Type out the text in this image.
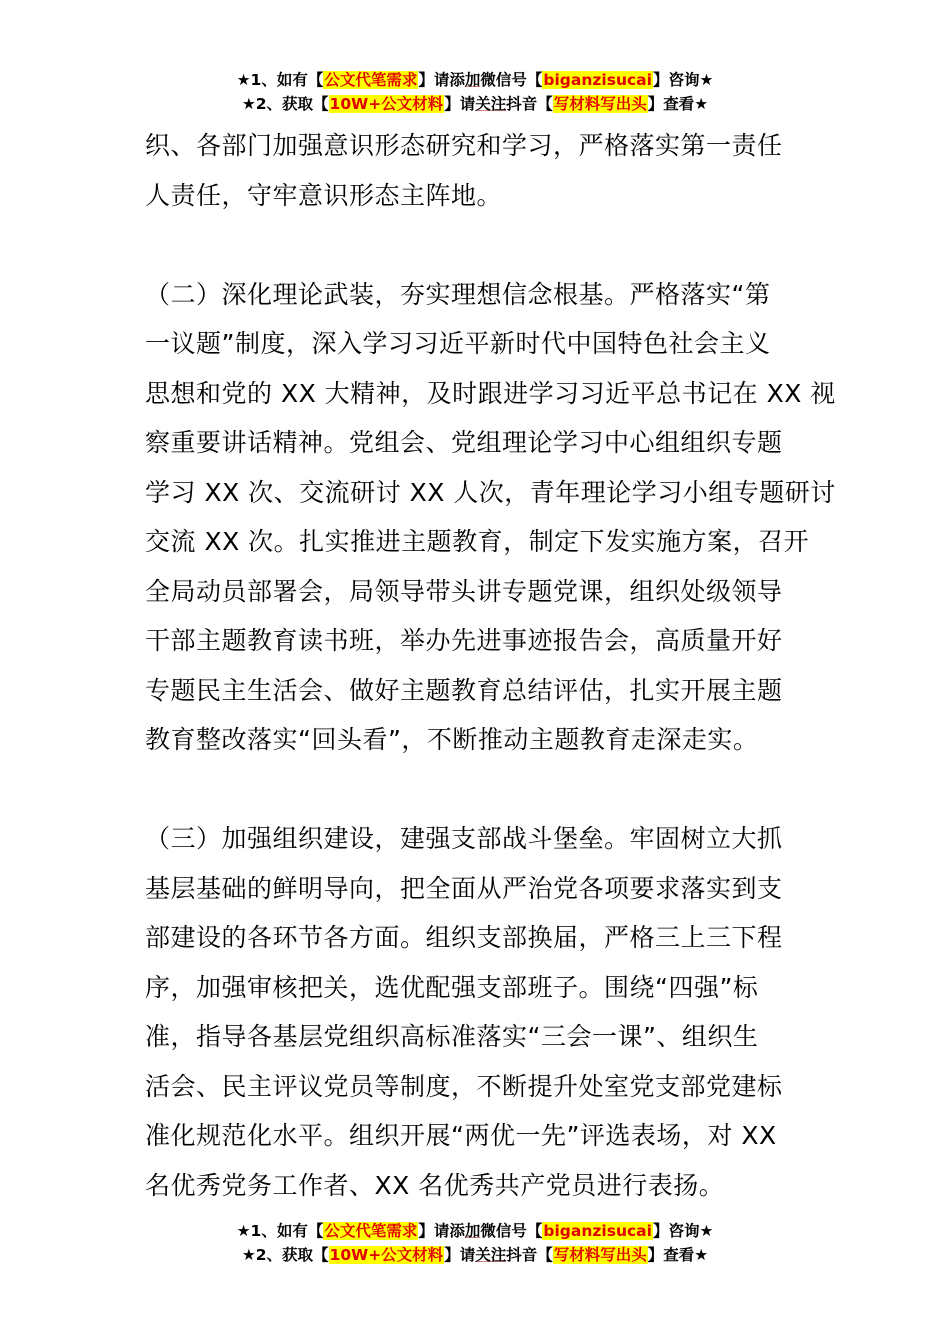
★1、如有【公文代笔需求】请添加微信号【biganzisucai】咨询★
★2、获取【10W+公文材料】请关注抖音【写材料写出头】查看★
织、各部门加强意识形态研究和学习，严格落实第一责任
人责任，守牢意识形态主阵地。
（二）深化理论武装，夯实理想信念根基。严格落实“第
一议题”制度，深入学习习近平新时代中国特色社会主义
思想和党的 XX 大精神，及时跟进学习习近平总书记在 XX 视
察重要讲话精神。党组会、党组理论学习中心组组织专题
学习 XX 次、交流研讨 XX 人次，青年理论学习小组专题研讨
交流 XX 次。扎实推进主题教育，制定下发实施方案，召开
全局动员部署会，局领导带头讲专题党课，组织处级领导
干部主题教育读书班，举办先进事迹报告会，高质量开好
专题民主生活会、做好主题教育总结评估，扎实开展主题
教育整改落实“回头看”，不断推动主题教育走深走实。
（三）加强组织建设，建强支部战斗堡垒。牢固树立大抓
基层基础的鲜明导向，把全面从严治党各项要求落实到支
部建设的各环节各方面。组织支部换届，严格三上三下程
序，加强审核把关，选优配强支部班子。围绕“四强”标
准，指导各基层党组织高标准落实“三会一课”、组织生
活会、民主评议党员等制度，不断提升处室党支部党建标
准化规范化水平。组织开展“两优一先”评选表场，对 XX
名优秀党务工作者、XX 名优秀共产党员进行表扬。
★1、如有【公文代笔需求】请添加微信号【biganzisucai】咨询★
★2、获取【10W+公文材料】请关注抖音【写材料写出头】查看★
